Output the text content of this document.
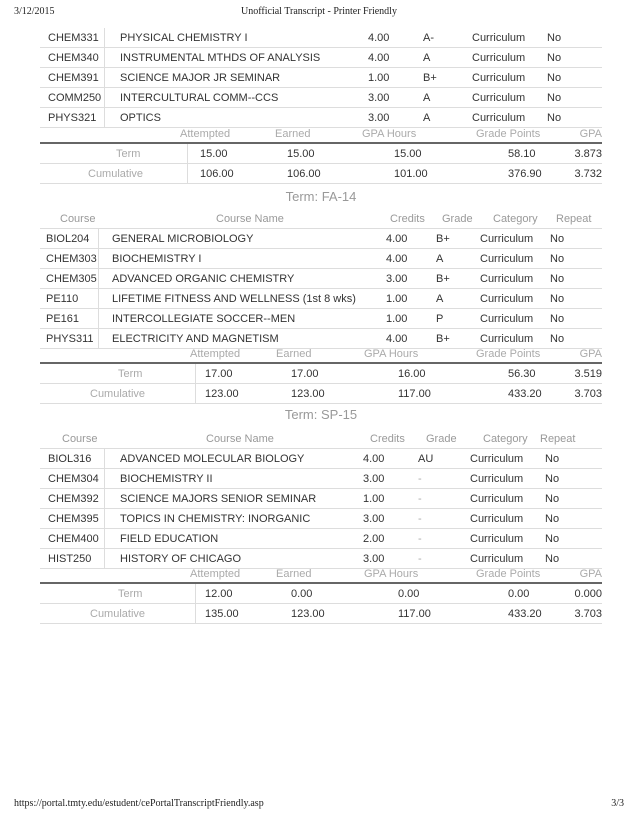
3/12/2015	Unofficial Transcript - Printer Friendly
CHEM331 PHYSICAL CHEMISTRY I	4.00	A-	Curriculum No
CHEM340 INSTRUMENTAL MTHDS OF ANALYSIS	4.00	A	Curriculum No
CHEM391 SCIENCE MAJOR JR SEMINAR	1.00	B+	Curriculum No
COMM250 INTERCULTURAL COMM--CCS	3.00	A	Curriculum No
PHYS321 OPTICS	3.00	A	Curriculum No
Attempted	Earned	GPA Hours	Grade Points	GPA
Term	15.00	15.00	15.00	58.10	3.873
Cumulative	106.00	106.00	101.00	376.90	3.732
Term: FA-14
Course	Course Name	Credits Grade Category Repeat
BIOL204 GENERAL MICROBIOLOGY	4.00	B+	Curriculum No
CHEM303 BIOCHEMISTRY I	4.00	A	Curriculum No
CHEM305 ADVANCED ORGANIC CHEMISTRY	3.00	B+	Curriculum No
PE110	LIFETIME FITNESS AND WELLNESS (1st 8 wks)	1.00	A	Curriculum No
PE161	INTERCOLLEGIATE SOCCER--MEN	1.00	P	Curriculum No
PHYS311 ELECTRICITY AND MAGNETISM	4.00	B+	Curriculum No
Attempted	Earned	GPA Hours	Grade Points	GPA
Term	17.00	17.00	16.00	56.30	3.519
Cumulative	123.00	123.00	117.00	433.20	3.703
Term: SP-15
Course	Course Name	Credits Grade Category Repeat
BIOL316	ADVANCED MOLECULAR BIOLOGY	4.00	AU	Curriculum No
CHEM304 BIOCHEMISTRY II	3.00	-	Curriculum No
CHEM392 SCIENCE MAJORS SENIOR SEMINAR	1.00	-	Curriculum No
CHEM395 TOPICS IN CHEMISTRY: INORGANIC	3.00	-	Curriculum No
CHEM400 FIELD EDUCATION	2.00	-	Curriculum No
HIST250	HISTORY OF CHICAGO	3.00	-	Curriculum No
Attempted	Earned	GPA Hours	Grade Points	GPA
Term	12.00	0.00	0.00	0.00	0.000
Cumulative	135.00	123.00	117.00	433.20	3.703
https://portal.tmty.edu/estudent/cePortalTranscriptFriendly.asp	3/3
